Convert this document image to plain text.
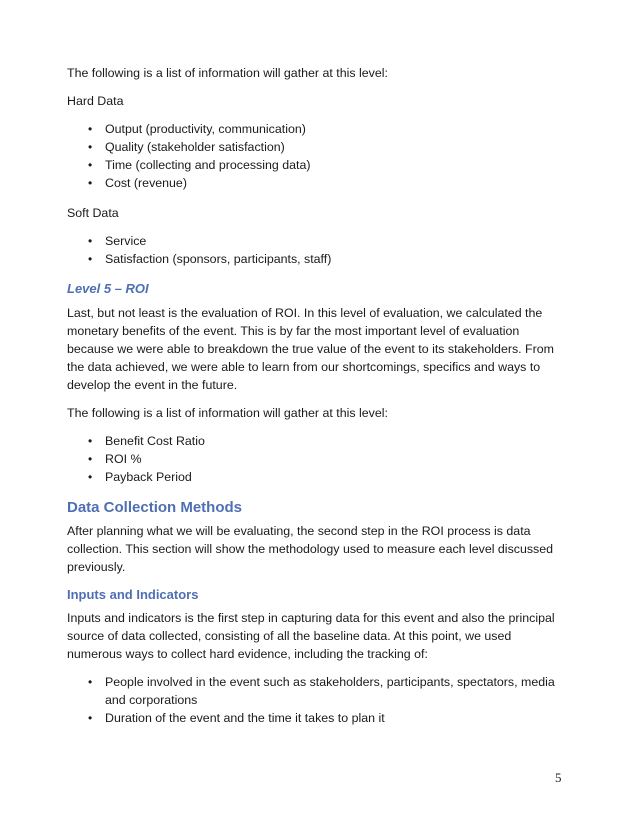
The following is a list of information will gather at this level:

Hard Data

• Output (productivity, communication)
• Quality (stakeholder satisfaction)
• Time (collecting and processing data)
• Cost (revenue)

Soft Data

• Service
• Satisfaction (sponsors, participants, staff)
Level 5 – ROI

Last, but not least is the evaluation of ROI. In this level of evaluation, we calculated the monetary benefits of the event. This is by far the most important level of evaluation because we were able to breakdown the true value of the event to its stakeholders. From the data achieved, we were able to learn from our shortcomings, specifics and ways to develop the event in the future.

The following is a list of information will gather at this level:

• Benefit Cost Ratio
• ROI %
• Payback Period
Data Collection Methods

After planning what we will be evaluating, the second step in the ROI process is data collection. This section will show the methodology used to measure each level discussed previously.

Inputs and Indicators

Inputs and indicators is the first step in capturing data for this event and also the principal source of data collected, consisting of all the baseline data. At this point, we used numerous ways to collect hard evidence, including the tracking of:

• People involved in the event such as stakeholders, participants, spectators, media and corporations
• Duration of the event and the time it takes to plan it
5
